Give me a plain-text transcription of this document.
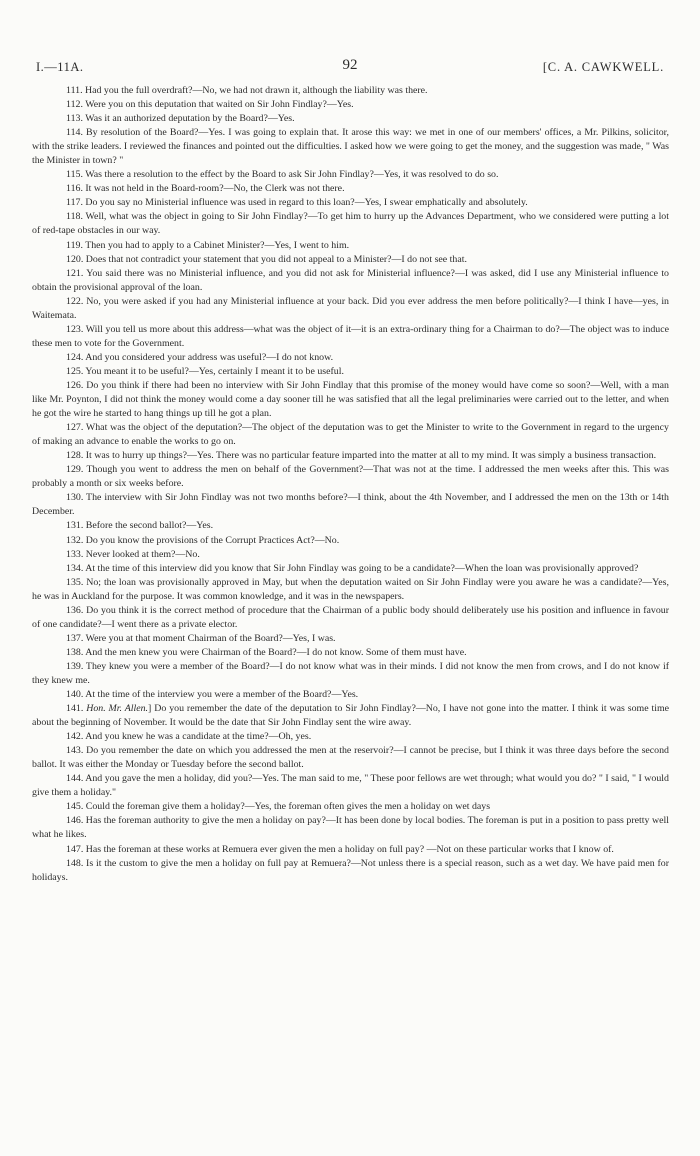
I.—11A.	92	[C. A. CAWKWELL.

111. Had you the full overdraft?—No, we had not drawn it, although the liability was there.

112. Were you on this deputation that waited on Sir John Findlay?—Yes.

113. Was it an authorized deputation by the Board?—Yes.

114. By resolution of the Board?—Yes. I was going to explain that. It arose this way: we met in one of our members' offices, a Mr. Pilkins, solicitor, with the strike leaders. I reviewed the finances and pointed out the difficulties. I asked how we were going to get the money, and the suggestion was made, " Was the Minister in town? "

115. Was there a resolution to the effect by the Board to ask Sir John Findlay?—Yes, it was resolved to do so.

116. It was not held in the Board-room?—No, the Clerk was not there.

117. Do you say no Ministerial influence was used in regard to this loan?—Yes, I swear emphatically and absolutely.

118. Well, what was the object in going to Sir John Findlay?—To get him to hurry up the Advances Department, who we considered were putting a lot of red-tape obstacles in our way.

119. Then you had to apply to a Cabinet Minister?—Yes, I went to him.

120. Does that not contradict your statement that you did not appeal to a Minister?—I do not see that.

121. You said there was no Ministerial influence, and you did not ask for Ministerial influence?—I was asked, did I use any Ministerial influence to obtain the provisional approval of the loan.

122. No, you were asked if you had any Ministerial influence at your back. Did you ever address the men before politically?—I think I have—yes, in Waitemata.

123. Will you tell us more about this address—what was the object of it—it is an extra-ordinary thing for a Chairman to do?—The object was to induce these men to vote for the Government.

124. And you considered your address was useful?—I do not know.

125. You meant it to be useful?—Yes, certainly I meant it to be useful.

126. Do you think if there had been no interview with Sir John Findlay that this promise of the money would have come so soon?—Well, with a man like Mr. Poynton, I did not think the money would come a day sooner till he was satisfied that all the legal preliminaries were carried out to the letter, and when he got the wire he started to hang things up till he got a plan.

127. What was the object of the deputation?—The object of the deputation was to get the Minister to write to the Government in regard to the urgency of making an advance to enable the works to go on.

128. It was to hurry up things?—Yes. There was no particular feature imparted into the matter at all to my mind. It was simply a business transaction.

129. Though you went to address the men on behalf of the Government?—That was not at the time. I addressed the men weeks after this. This was probably a month or six weeks before.

130. The interview with Sir John Findlay was not two months before?—I think, about the 4th November, and I addressed the men on the 13th or 14th December.

131. Before the second ballot?—Yes.

132. Do you know the provisions of the Corrupt Practices Act?—No.

133. Never looked at them?—No.

134. At the time of this interview did you know that Sir John Findlay was going to be a candidate?—When the loan was provisionally approved?

135. No; the loan was provisionally approved in May, but when the deputation waited on Sir John Findlay were you aware he was a candidate?—Yes, he was in Auckland for the purpose. It was common knowledge, and it was in the newspapers.

136. Do you think it is the correct method of procedure that the Chairman of a public body should deliberately use his position and influence in favour of one candidate?—I went there as a private elector.

137. Were you at that moment Chairman of the Board?—Yes, I was.

138. And the men knew you were Chairman of the Board?—I do not know. Some of them must have.

139. They knew you were a member of the Board?—I do not know what was in their minds. I did not know the men from crows, and I do not know if they knew me.

140. At the time of the interview you were a member of the Board?—Yes.

141. Hon. Mr. Allen.] Do you remember the date of the deputation to Sir John Findlay?—No, I have not gone into the matter. I think it was some time about the beginning of November. It would be the date that Sir John Findlay sent the wire away.

142. And you knew he was a candidate at the time?—Oh, yes.

143. Do you remember the date on which you addressed the men at the reservoir?—I cannot be precise, but I think it was three days before the second ballot. It was either the Monday or Tuesday before the second ballot.

144. And you gave the men a holiday, did you?—Yes. The man said to me, " These poor fellows are wet through; what would you do? " I said, " I would give them a holiday."

145. Could the foreman give them a holiday?—Yes, the foreman often gives the men a holiday on wet days

146. Has the foreman authority to give the men a holiday on pay?—It has been done by local bodies. The foreman is put in a position to pass pretty well what he likes.

147. Has the foreman at these works at Remuera ever given the men a holiday on full pay? —Not on these particular works that I know of.

148. Is it the custom to give the men a holiday on full pay at Remuera?—Not unless there is a special reason, such as a wet day. We have paid men for holidays.
